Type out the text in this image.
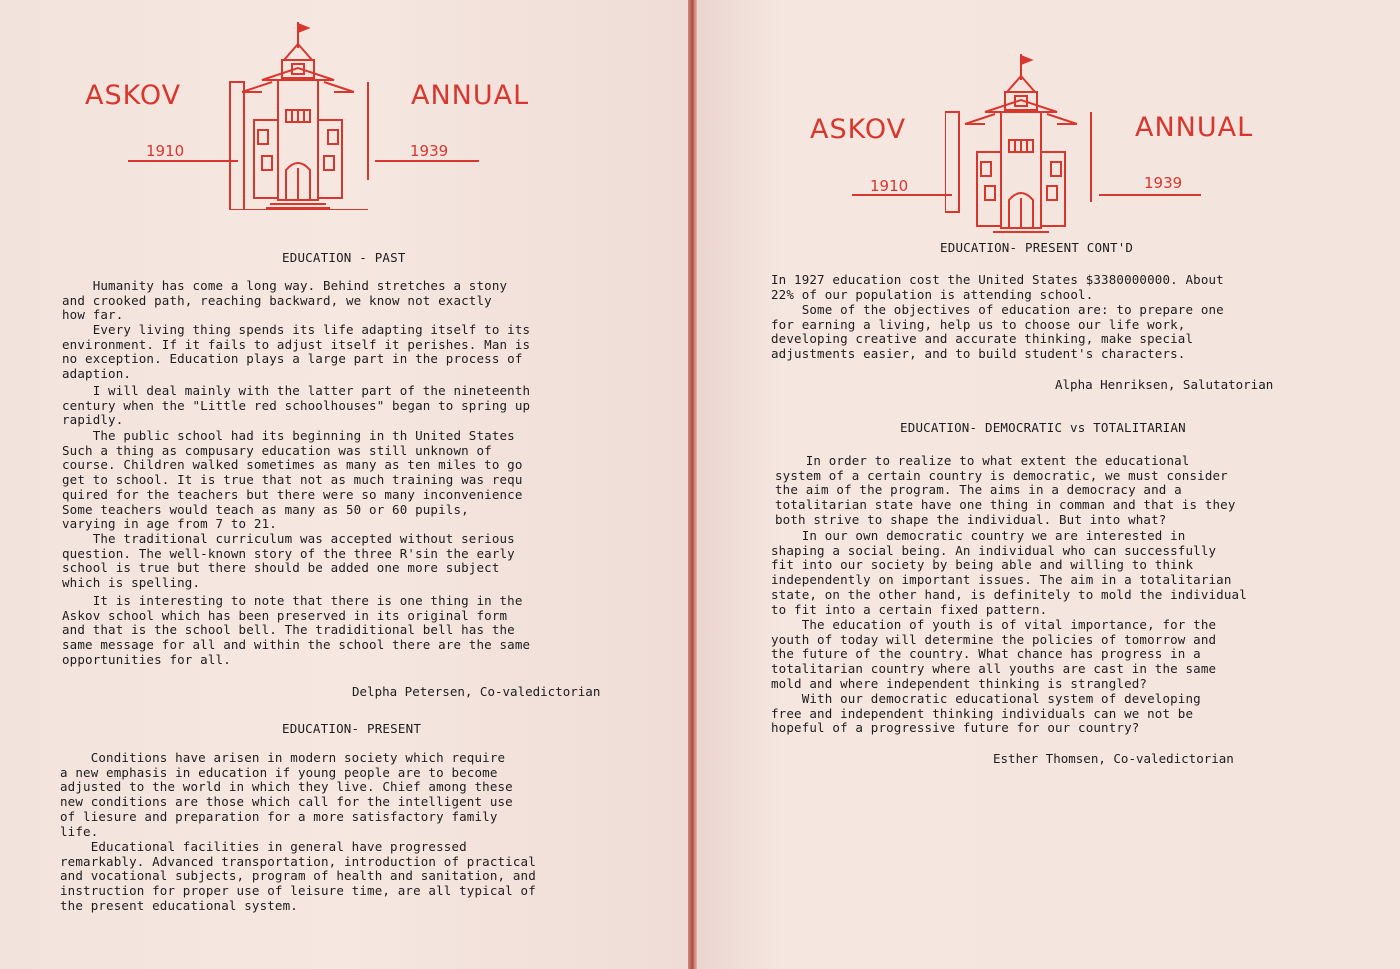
ASKOV	ANNUAL
1910	1939
EDUCATION - PAST

Humanity has come a long way. Behind stretches a stony
and crooked path, reaching backward, we know not exactly
how far.

Every living thing spends its life adapting itself to its
environment. If it fails to adjust itself it perishes. Man is
no exception. Education plays a large part in the process of
adaption.

I will deal mainly with the latter part of the nineteenth
century when the "Little red schoolhouses" began to spring up
rapidly.

The public school had its beginning in th United States
Such a thing as compusary education was still unknown of
course. Children walked sometimes as many as ten miles to go
get to school. It is true that not as much training was requ
quired for the teachers but there were so many inconvenience
Some teachers would teach as many as 50 or 60 pupils,
varying in age from 7 to 21.

The traditional curriculum was accepted without serious
question. The well-known story of the three R'sin the early
school is true but there should be added one more subject
which is spelling.

It is interesting to note that there is one thing in the
Askov school which has been preserved in its original form
and that is the school bell. The tradiditional bell has the
same message for all and within the school there are the same
opportunities for all.

Delpha Petersen, Co-valedictorian

EDUCATION- PRESENT

Conditions have arisen in modern society which require
a new emphasis in education if young people are to become
adjusted to the world in which they live. Chief among these
new conditions are those which call for the intelligent use
of liesure and preparation for a more satisfactory family
life.

Educational facilities in general have progressed
remarkably. Advanced transportation, introduction of practical
and vocational subjects, program of health and sanitation, and
instruction for proper use of leisure time, are all typical of
the present educational system.

ASKOV	ANNUAL
1910	1939
EDUCATION- PRESENT CONT'D

In 1927 education cost the United States $3380000000. About
22% of our population is attending school.

Some of the objectives of education are: to prepare one
for earning a living, help us to choose our life work,
developing creative and accurate thinking, make special
adjustments easier, and to build student's characters.

Alpha Henriksen, Salutatorian

EDUCATION- DEMOCRATIC vs TOTALITARIAN

In order to realize to what extent the educational
system of a certain country is democratic, we must consider
the aim of the program. The aims in a democracy and a
totalitarian state have one thing in comman and that is they
both strive to shape the individual. But into what?

In our own democratic country we are interested in
shaping a social being. An individual who can successfully
fit into our society by being able and willing to think
independently on important issues. The aim in a totalitarian
state, on the other hand, is definitely to mold the individual
to fit into a certain fixed pattern.

The education of youth is of vital importance, for the
youth of today will determine the policies of tomorrow and
the future of the country. What chance has progress in a
totalitarian country where all youths are cast in the same
mold and where independent thinking is strangled?

With our democratic educational system of developing
free and independent thinking individuals can we not be
hopeful of a progressive future for our country?

Esther Thomsen, Co-valedictorian
